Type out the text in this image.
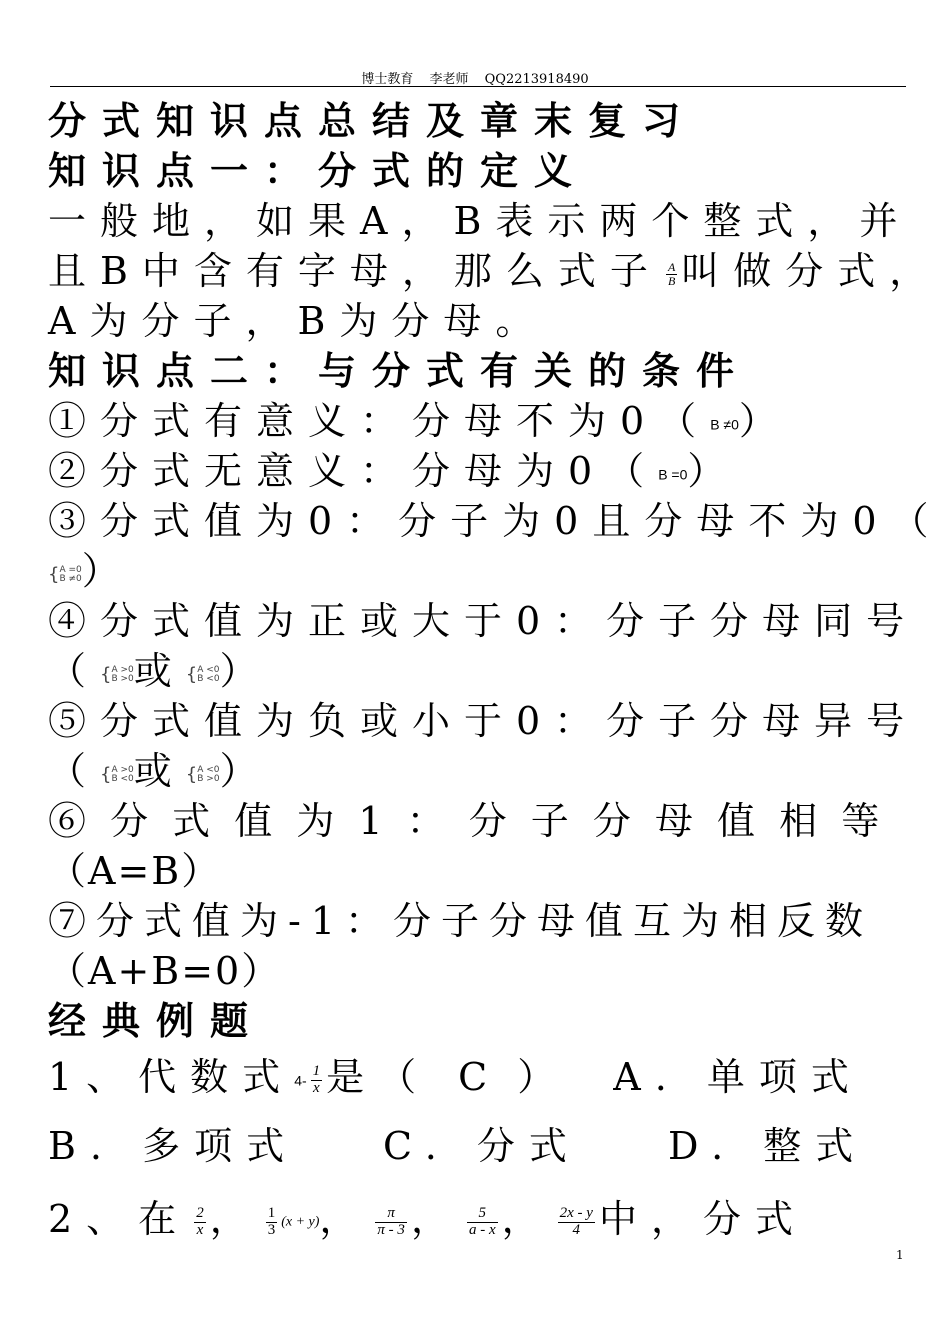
博士教育 李老师 QQ2213918490
分式知识点总结及章末复习
知识点一：分式的定义
一般地，如果A，B表示两个整式，并
且B中含有字母，那么式子 $\frac{A}{B}$ 叫做分式，
A为分子，B为分母。
知识点二：与分式有关的条件
①分式有意义：分母不为0（B ≠0）
②分式无意义：分母为0（B =0）
③分式值为0：分子为0且分母不为0（
{A =0
B ≠0）
④分式值为正或大于0：分子分母同号
（{A >0
B >0或{A <0
B <0）
⑤分式值为负或小于0：分子分母异号
（{A >0
B <0或{A <0
B >0）
⑥ 分 式 值 为 1 ： 分 子 分 母 值 相 等
（A=B）
⑦分式值为-1：分子分母值互为相反数
（A+B=0）
经典例题
1、代数式$4- \frac{1}{x}$ 是（ C ） A. 单项式
B. 多项式 C. 分式 D. 整式
2、在 $\frac{2}{x}$ ， $\frac{1}{3} (x + y)$， $\frac{\pi}{\pi - 3}$ ， $\frac{5}{a - x}$ ， $\frac{2x - y}{4}$ 中，分式
1
